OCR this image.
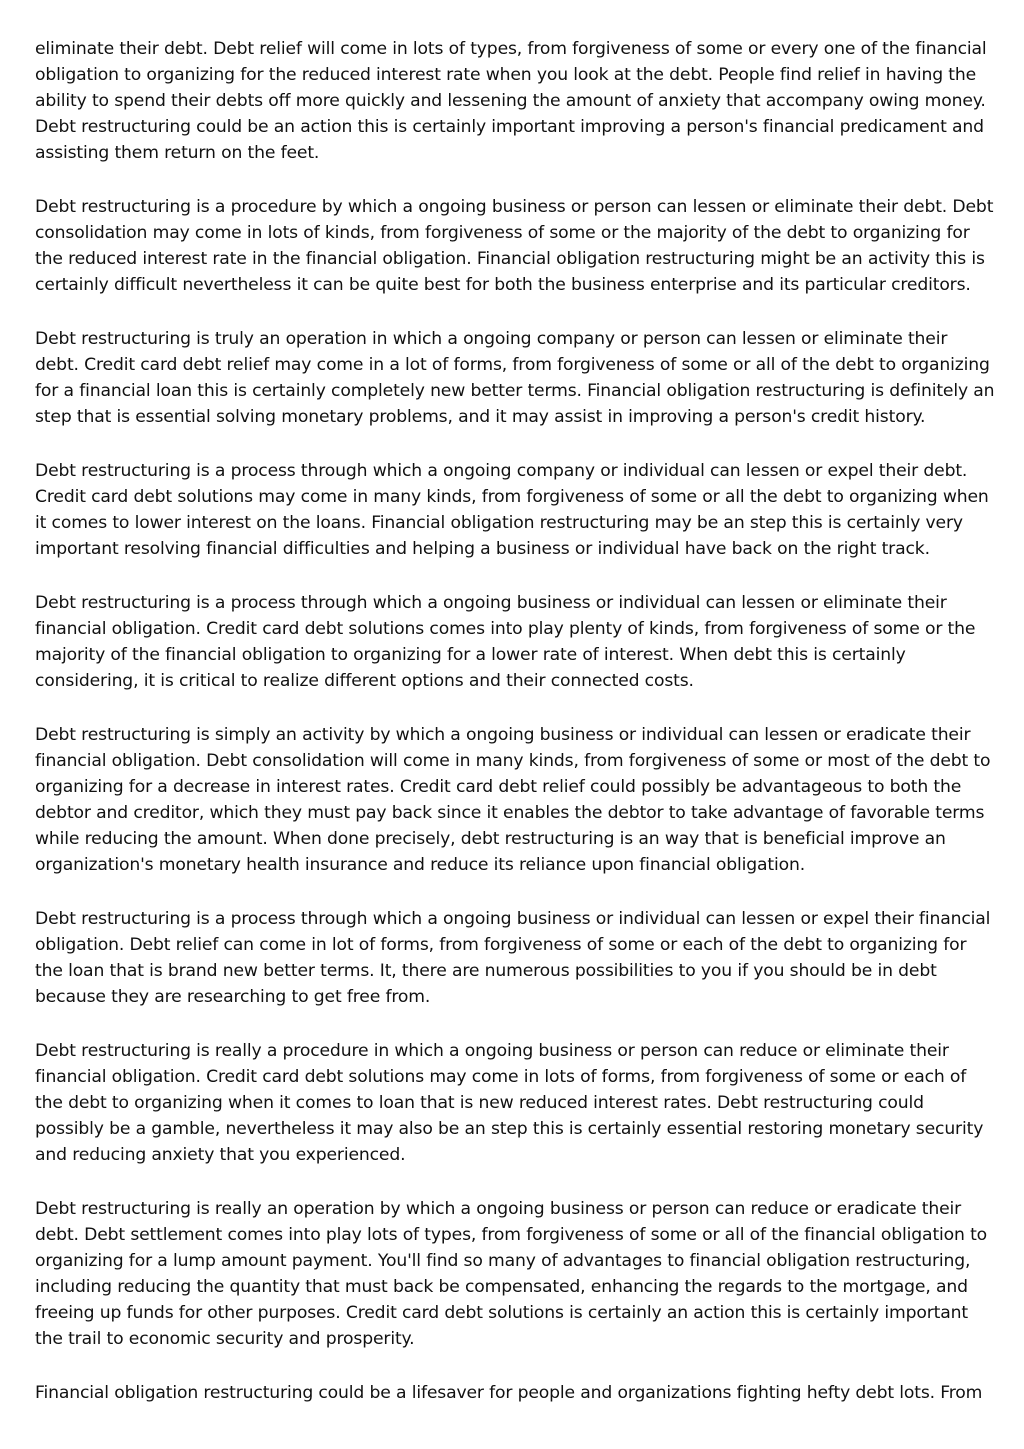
eliminate their debt. Debt relief will come in lots of types, from forgiveness of some or every one of the financial obligation to organizing for the reduced interest rate when you look at the debt. People find relief in having the ability to spend their debts off more quickly and lessening the amount of anxiety that accompany owing money. Debt restructuring could be an action this is certainly important improving a person's financial predicament and assisting them return on the feet.

Debt restructuring is a procedure by which a ongoing business or person can lessen or eliminate their debt. Debt consolidation may come in lots of kinds, from forgiveness of some or the majority of the debt to organizing for the reduced interest rate in the financial obligation. Financial obligation restructuring might be an activity this is certainly difficult nevertheless it can be quite best for both the business enterprise and its particular creditors.

Debt restructuring is truly an operation in which a ongoing company or person can lessen or eliminate their debt. Credit card debt relief may come in a lot of forms, from forgiveness of some or all of the debt to organizing for a financial loan this is certainly completely new better terms. Financial obligation restructuring is definitely an step that is essential solving monetary problems, and it may assist in improving a person's credit history.

Debt restructuring is a process through which a ongoing company or individual can lessen or expel their debt. Credit card debt solutions may come in many kinds, from forgiveness of some or all the debt to organizing when it comes to lower interest on the loans. Financial obligation restructuring may be an step this is certainly very important resolving financial difficulties and helping a business or individual have back on the right track.

Debt restructuring is a process through which a ongoing business or individual can lessen or eliminate their financial obligation. Credit card debt solutions comes into play plenty of kinds, from forgiveness of some or the majority of the financial obligation to organizing for a lower rate of interest. When debt this is certainly considering, it is critical to realize different options and their connected costs.

Debt restructuring is simply an activity by which a ongoing business or individual can lessen or eradicate their financial obligation. Debt consolidation will come in many kinds, from forgiveness of some or most of the debt to organizing for a decrease in interest rates. Credit card debt relief could possibly be advantageous to both the debtor and creditor, which they must pay back since it enables the debtor to take advantage of favorable terms while reducing the amount. When done precisely, debt restructuring is an way that is beneficial improve an organization's monetary health insurance and reduce its reliance upon financial obligation.

Debt restructuring is a process through which a ongoing business or individual can lessen or expel their financial obligation. Debt relief can come in lot of forms, from forgiveness of some or each of the debt to organizing for the loan that is brand new better terms. It, there are numerous possibilities to you if you should be in debt because they are researching to get free from.

Debt restructuring is really a procedure in which a ongoing business or person can reduce or eliminate their financial obligation. Credit card debt solutions may come in lots of forms, from forgiveness of some or each of the debt to organizing when it comes to loan that is new reduced interest rates. Debt restructuring could possibly be a gamble, nevertheless it may also be an step this is certainly essential restoring monetary security and reducing anxiety that you experienced.

Debt restructuring is really an operation by which a ongoing business or person can reduce or eradicate their debt. Debt settlement comes into play lots of types, from forgiveness of some or all of the financial obligation to organizing for a lump amount payment. You'll find so many of advantages to financial obligation restructuring, including reducing the quantity that must back be compensated, enhancing the regards to the mortgage, and freeing up funds for other purposes. Credit card debt solutions is certainly an action this is certainly important the trail to economic security and prosperity.

Financial obligation restructuring could be a lifesaver for people and organizations fighting hefty debt lots. From
